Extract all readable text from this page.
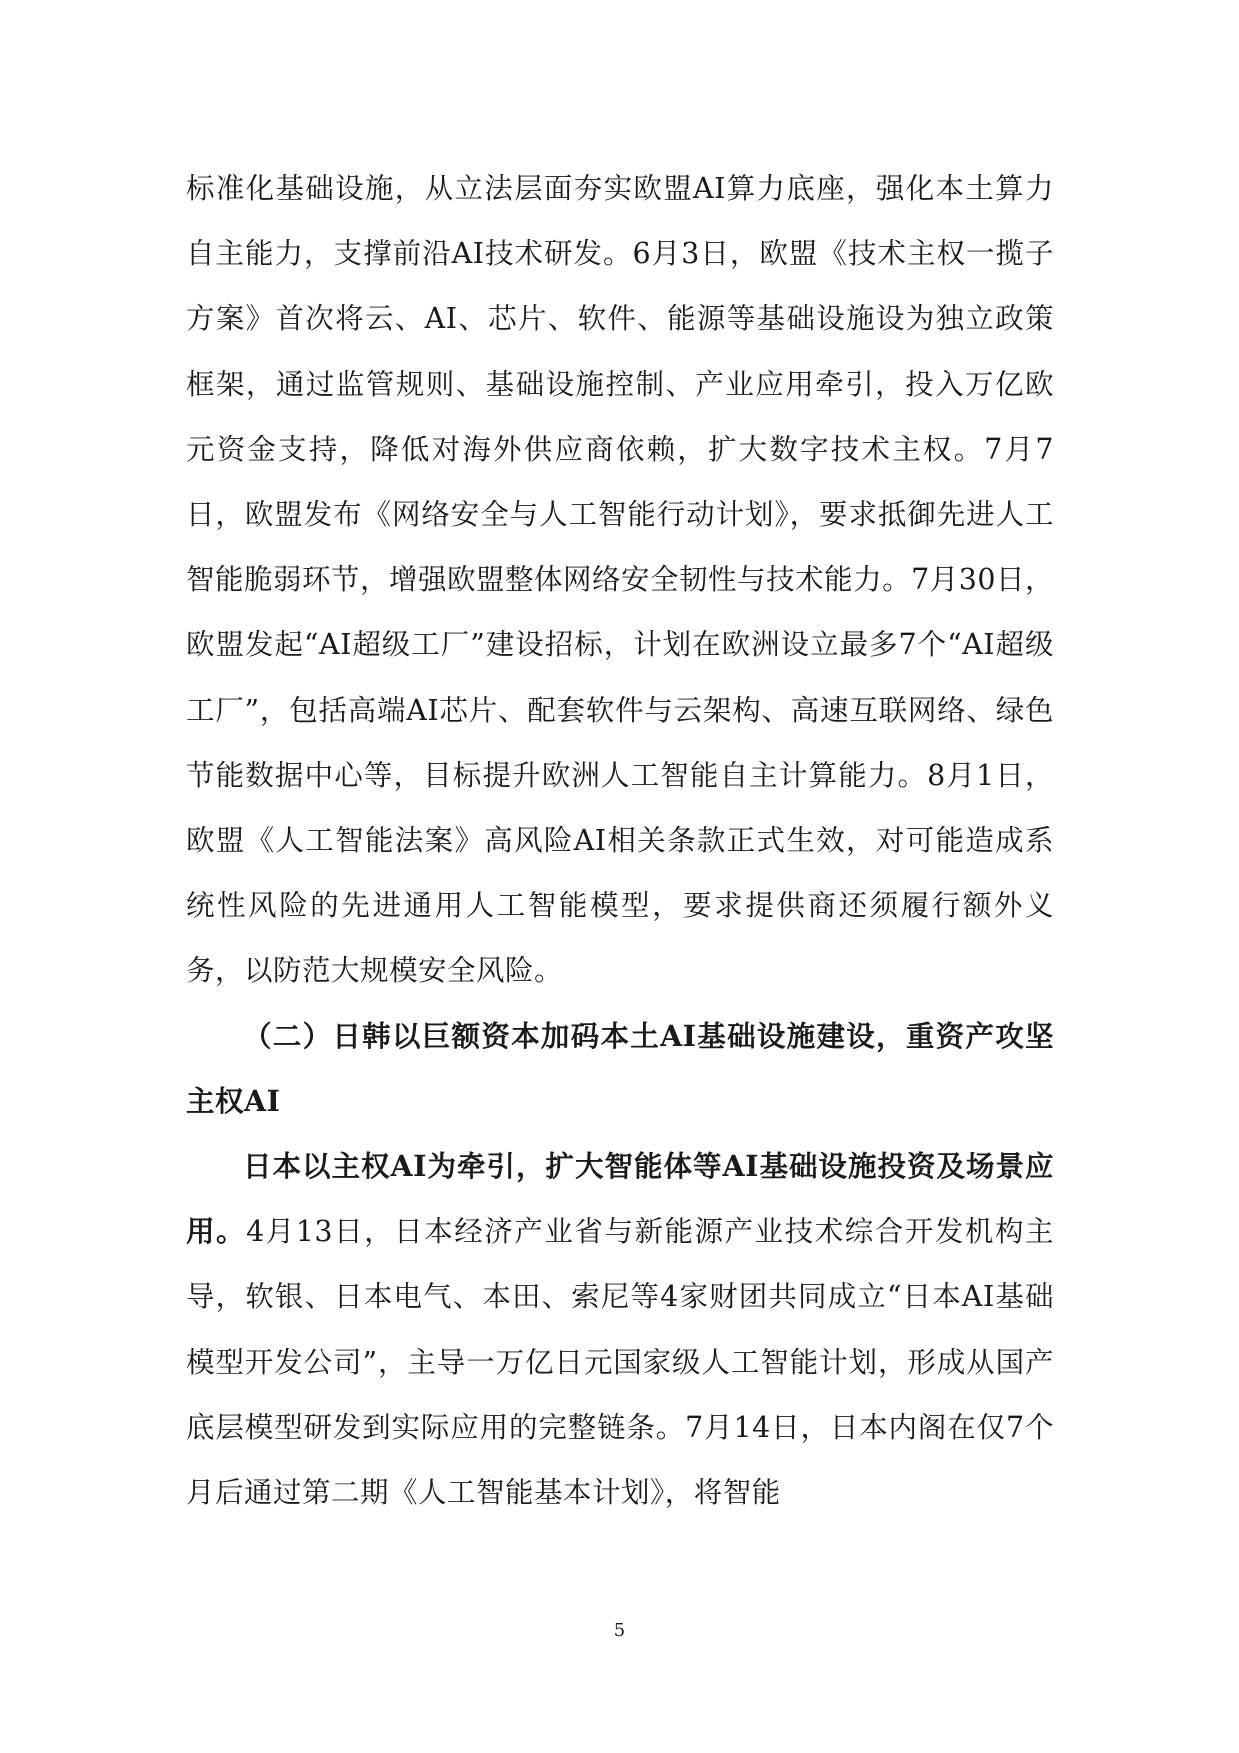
标准化基础设施，从立法层面夯实欧盟AI算力底座，强化本土算力自主能力，支撑前沿AI技术研发。6月3日，欧盟《技术主权一揽子方案》首次将云、AI、芯片、软件、能源等基础设施设为独立政策框架，通过监管规则、基础设施控制、产业应用牵引，投入万亿欧元资金支持，降低对海外供应商依赖，扩大数字技术主权。7月7日，欧盟发布《网络安全与人工智能行动计划》，要求抵御先进人工智能脆弱环节，增强欧盟整体网络安全韧性与技术能力。7月30日，欧盟发起“AI超级工厂”建设招标，计划在欧洲设立最多7个“AI超级工厂”，包括高端AI芯片、配套软件与云架构、高速互联网络、绿色节能数据中心等，目标提升欧洲人工智能自主计算能力。8月1日，欧盟《人工智能法案》高风险AI相关条款正式生效，对可能造成系统性风险的先进通用人工智能模型，要求提供商还须履行额外义务，以防范大规模安全风险。

（二）日韩以巨额资本加码本土AI基础设施建设，重资产攻坚主权AI

日本以主权AI为牵引，扩大智能体等AI基础设施投资及场景应用。4月13日，日本经济产业省与新能源产业技术综合开发机构主导，软银、日本电气、本田、索尼等4家财团共同成立“日本AI基础模型开发公司”，主导一万亿日元国家级人工智能计划，形成从国产底层模型研发到实际应用的完整链条。7月14日，日本内阁在仅7个月后通过第二期《人工智能基本计划》，将智能

5
